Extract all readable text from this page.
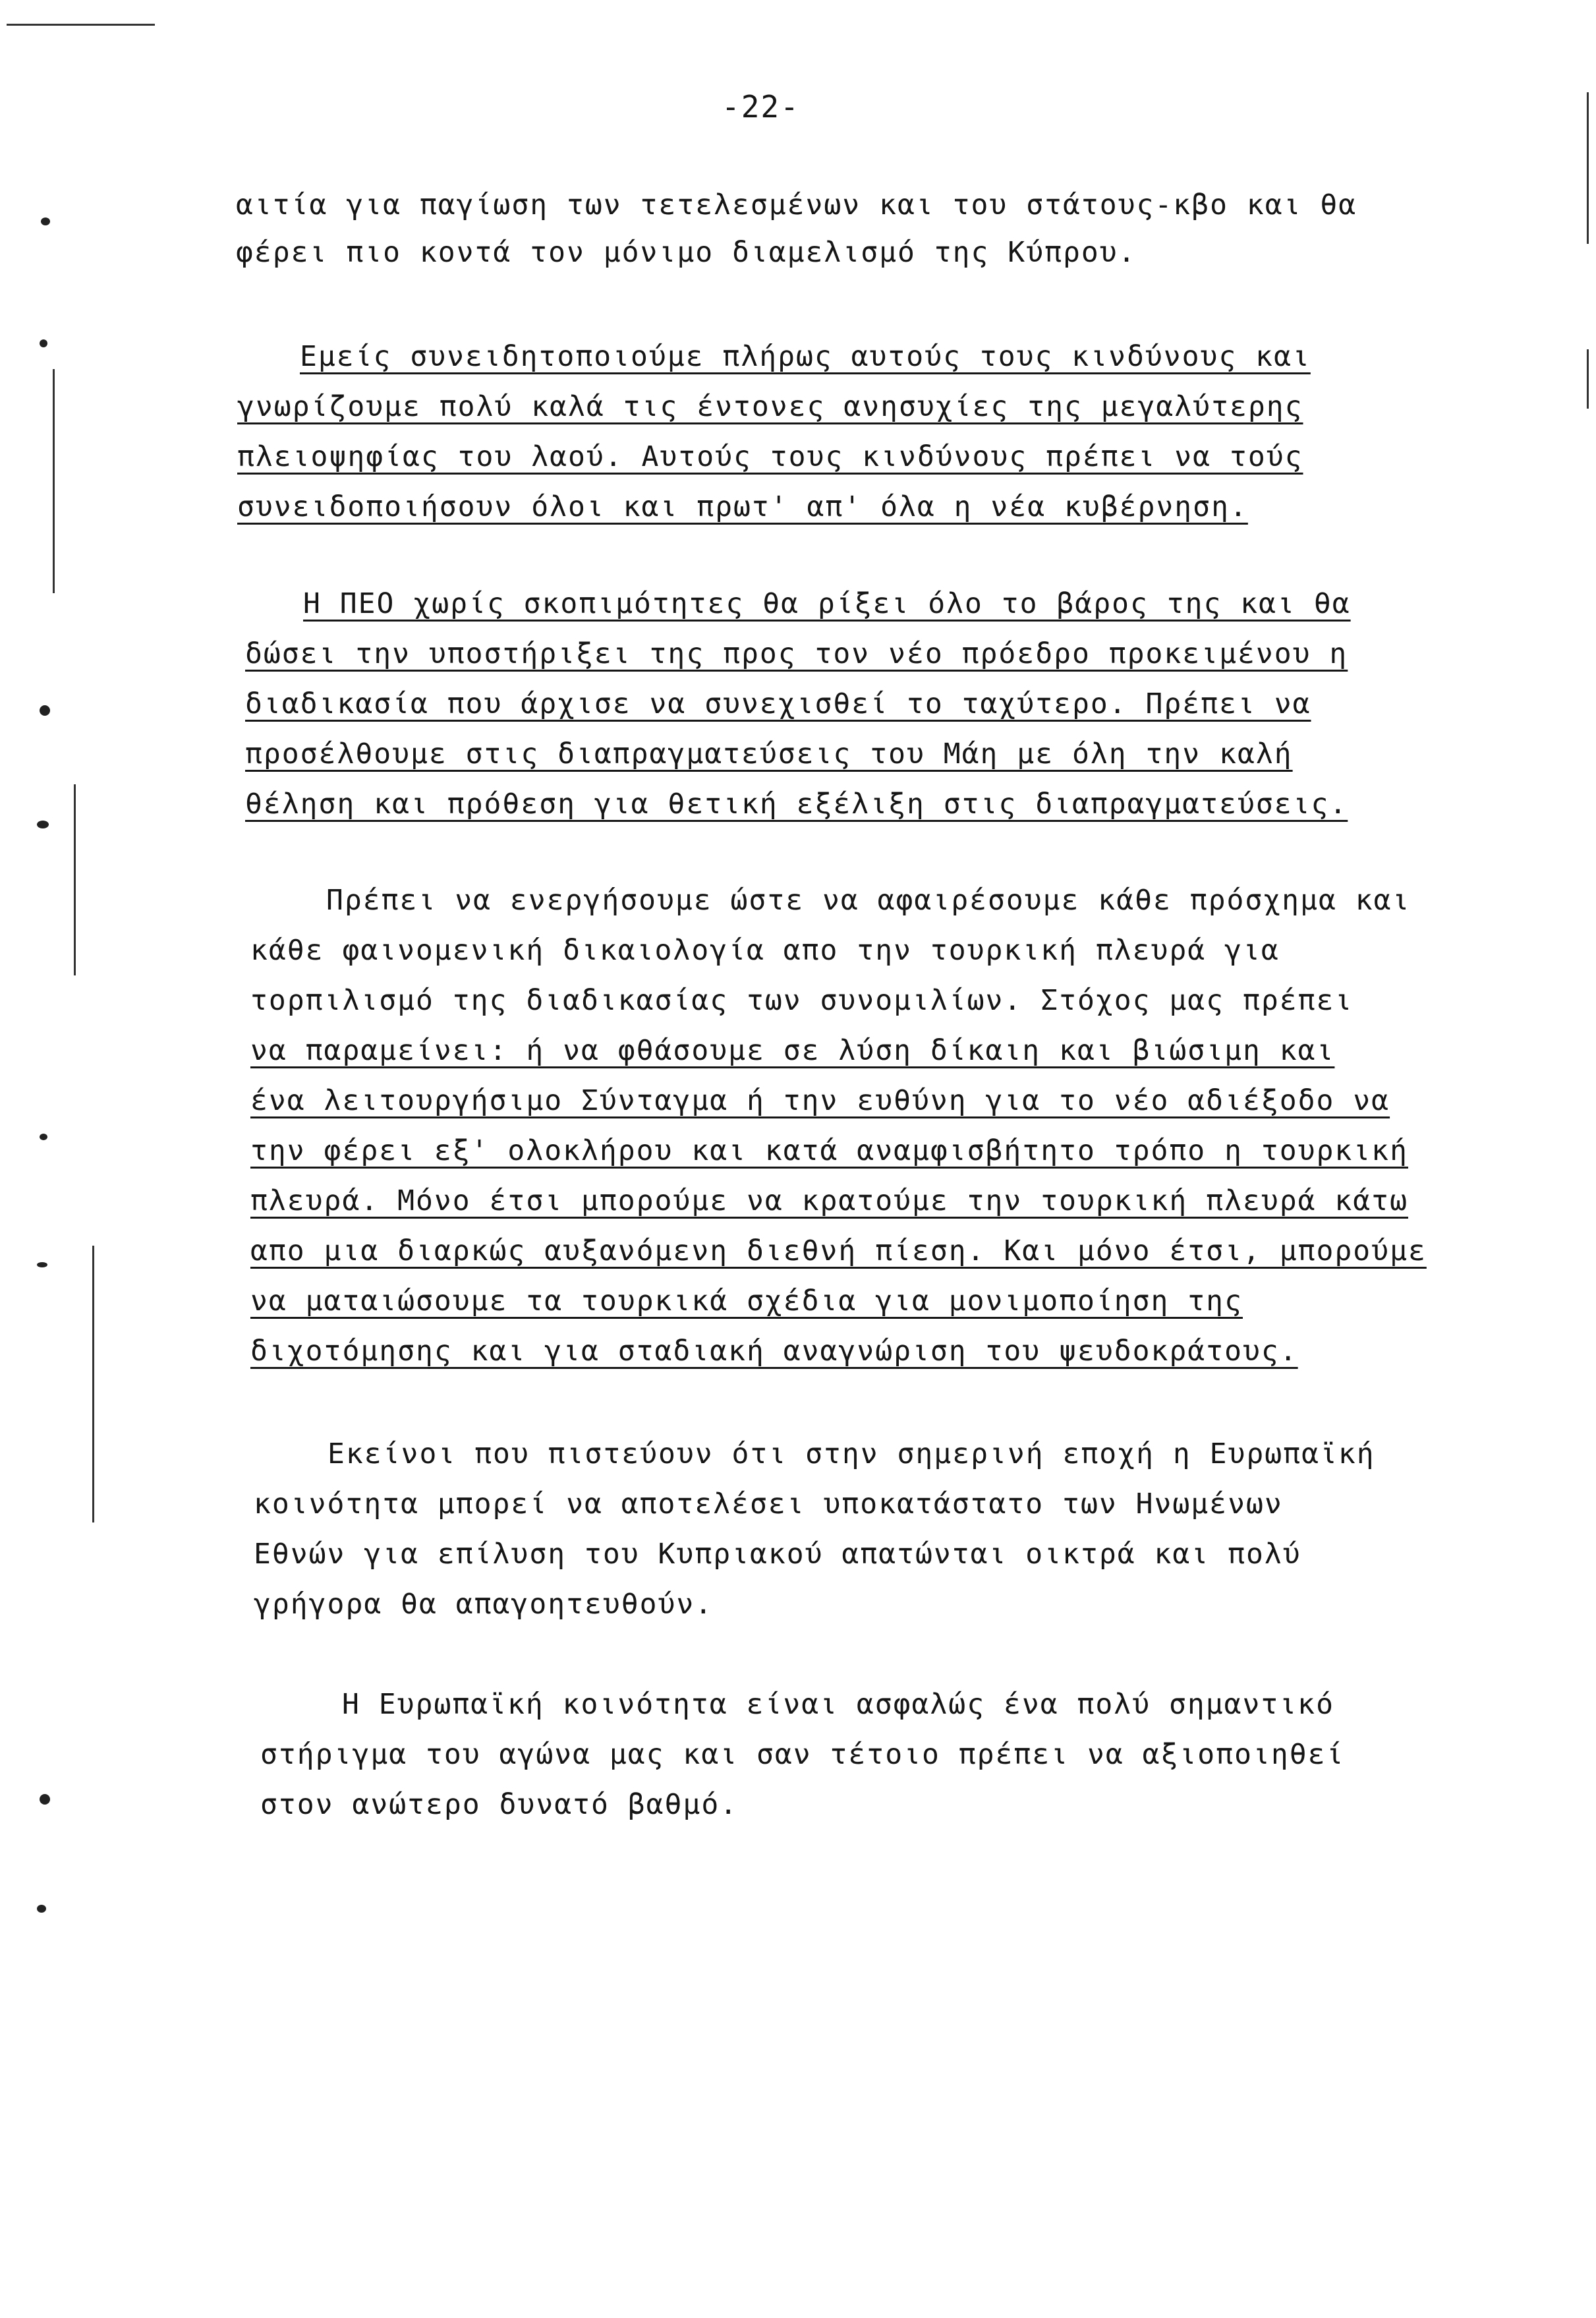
-22-
αιτία για παγίωση των τετελεσμένων και του στάτους-κβο και θα
φέρει πιο κοντά τον μόνιμο διαμελισμό της Κύπρου.
Εμείς συνειδητοποιούμε πλήρως αυτούς τους κινδύνους και
γνωρίζουμε πολύ καλά τις έντονες ανησυχίες της μεγαλύτερης
πλειοψηφίας του λαού. Αυτούς τους κινδύνους πρέπει να τούς
συνειδοποιήσουν όλοι και πρωτ' απ' όλα η νέα κυβέρνηση.
Η ΠΕΟ χωρίς σκοπιμότητες θα ρίξει όλο το βάρος της και θα
δώσει την υποστήριξει της προς τον νέο πρόεδρο προκειμένου η
διαδικασία που άρχισε να συνεχισθεί το ταχύτερο. Πρέπει να
προσέλθουμε στις διαπραγματεύσεις του Μάη με όλη την καλή
θέληση και πρόθεση για θετική εξέλιξη στις διαπραγματεύσεις.
Πρέπει να ενεργήσουμε ώστε να αφαιρέσουμε κάθε πρόσχημα και
κάθε φαινομενική δικαιολογία απο την τουρκική πλευρά για
τορπιλισμό της διαδικασίας των συνομιλίων. Στόχος μας πρέπει
να παραμείνει: ή να φθάσουμε σε λύση δίκαιη και βιώσιμη και
ένα λειτουργήσιμο Σύνταγμα ή την ευθύνη για το νέο αδιέξοδο να
την φέρει εξ' ολοκλήρου και κατά αναμφισβήτητο τρόπο η τουρκική
πλευρά. Μόνο έτσι μπορούμε να κρατούμε την τουρκική πλευρά κάτω
απο μια διαρκώς αυξανόμενη διεθνή πίεση. Και μόνο έτσι, μπορούμε
να ματαιώσουμε τα τουρκικά σχέδια για μονιμοποίηση της
διχοτόμησης και για σταδιακή αναγνώριση του ψευδοκράτους.
Εκείνοι που πιστεύουν ότι στην σημερινή εποχή η Ευρωπαϊκή
κοινότητα μπορεί να αποτελέσει υποκατάστατο των Ηνωμένων
Εθνών για επίλυση του Κυπριακού απατώνται οικτρά και πολύ
γρήγορα θα απαγοητευθούν.
Η Ευρωπαϊκή κοινότητα είναι ασφαλώς ένα πολύ σημαντικό
στήριγμα του αγώνα μας και σαν τέτοιο πρέπει να αξιοποιηθεί
στον ανώτερο δυνατό βαθμό.
